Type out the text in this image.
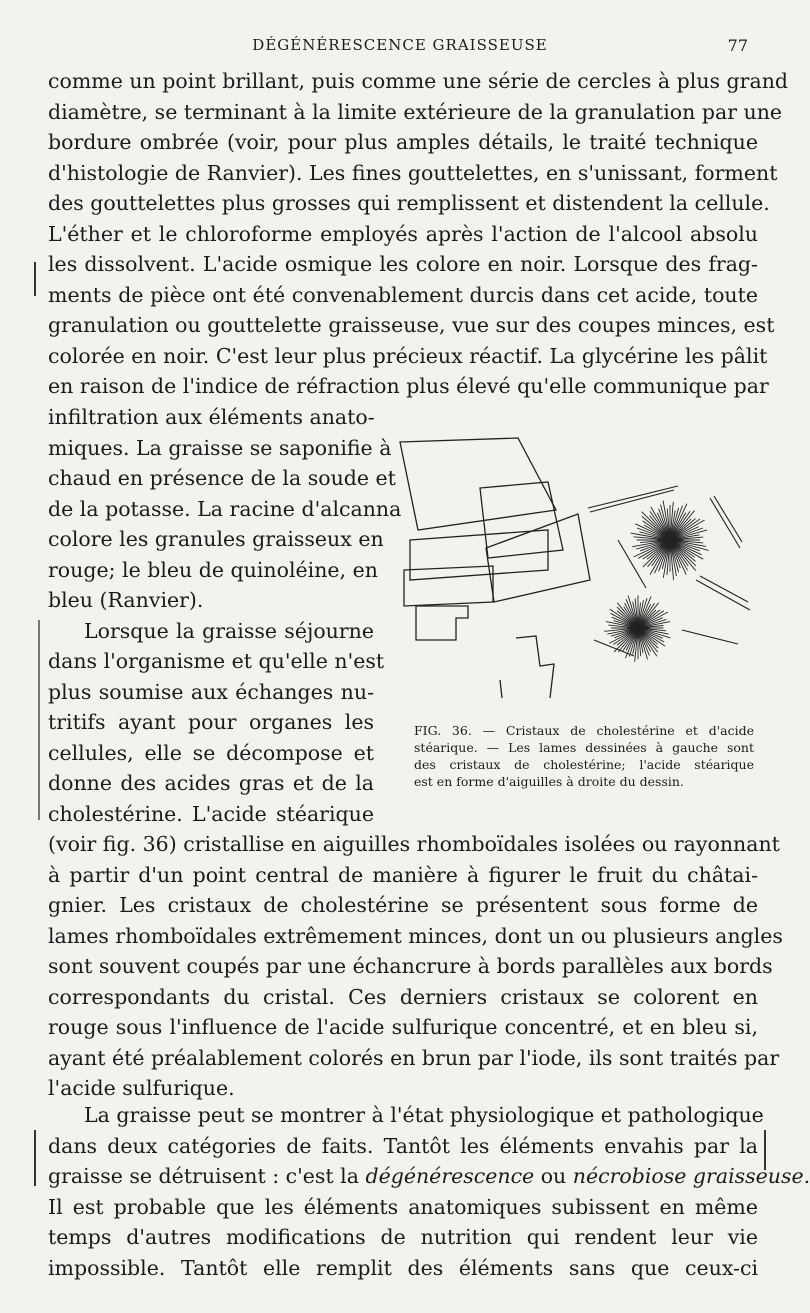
DÉGÉNÉRESCENCE GRAISSEUSE	77
comme un point brillant, puis comme une série de cercles à plus grand
diamètre, se terminant à la limite extérieure de la granulation par une
bordure ombrée (voir, pour plus amples détails, le traité technique
d'histologie de Ranvier). Les fines gouttelettes, en s'unissant, forment
des gouttelettes plus grosses qui remplissent et distendent la cellule.
L'éther et le chloroforme employés après l'action de l'alcool absolu
les dissolvent. L'acide osmique les colore en noir. Lorsque des frag-
ments de pièce ont été convenablement durcis dans cet acide, toute
granulation ou gouttelette graisseuse, vue sur des coupes minces, est
colorée en noir. C'est leur plus précieux réactif. La glycérine les pâlit
en raison de l'indice de réfraction plus élevé qu'elle communique par
infiltration aux éléments anato-
miques. La graisse se saponifie à
chaud en présence de la soude et
de la potasse. La racine d'alcanna
colore les granules graisseux en
rouge; le bleu de quinoléine, en
bleu (Ranvier).
Lorsque la graisse séjourne
dans l'organisme et qu'elle n'est
plus soumise aux échanges nu-
tritifs ayant pour organes les
cellules, elle se décompose et
donne des acides gras et de la
cholestérine. L'acide stéarique
FIG. 36. — Cristaux de cholestérine et d'acide
stéarique. — Les lames dessinées à gauche sont
des cristaux de cholestérine; l'acide stéarique
est en forme d'aiguilles à droite du dessin.
(voir fig. 36) cristallise en aiguilles rhomboïdales isolées ou rayonnant
à partir d'un point central de manière à figurer le fruit du châtai-
gnier. Les cristaux de cholestérine se présentent sous forme de
lames rhomboïdales extrêmement minces, dont un ou plusieurs angles
sont souvent coupés par une échancrure à bords parallèles aux bords
correspondants du cristal. Ces derniers cristaux se colorent en
rouge sous l'influence de l'acide sulfurique concentré, et en bleu si,
ayant été préalablement colorés en brun par l'iode, ils sont traités par
l'acide sulfurique.
La graisse peut se montrer à l'état physiologique et pathologique
dans deux catégories de faits. Tantôt les éléments envahis par la
graisse se détruisent : c'est la dégénérescence ou nécrobiose graisseuse.
Il est probable que les éléments anatomiques subissent en même
temps d'autres modifications de nutrition qui rendent leur vie
impossible. Tantôt elle remplit des éléments sans que ceux-ci
